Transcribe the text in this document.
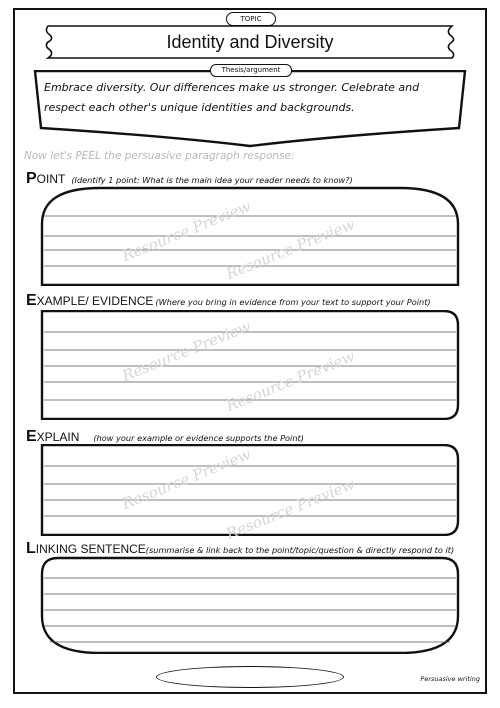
TOPIC
Identity and Diversity
Thesis/argument
Embrace diversity. Our differences make us stronger. Celebrate and respect each other's unique identities and backgrounds.
Now let's PEEL the persuasive paragraph response:
P OINT (Identify 1 point: What is the main idea your reader needs to know?)
E XAMPLE/ EVIDENCE (Where you bring in evidence from your text to support your Point)
E XPLAIN (how your example or evidence supports the Point)
L INKING SENTENCE (summarise & link back to the point/topic/question & directly respond to it)
Resource Preview
Resource Preview
Resource Preview
Resource Preview
Resource Preview
Resource Preview
Persuasive writing
